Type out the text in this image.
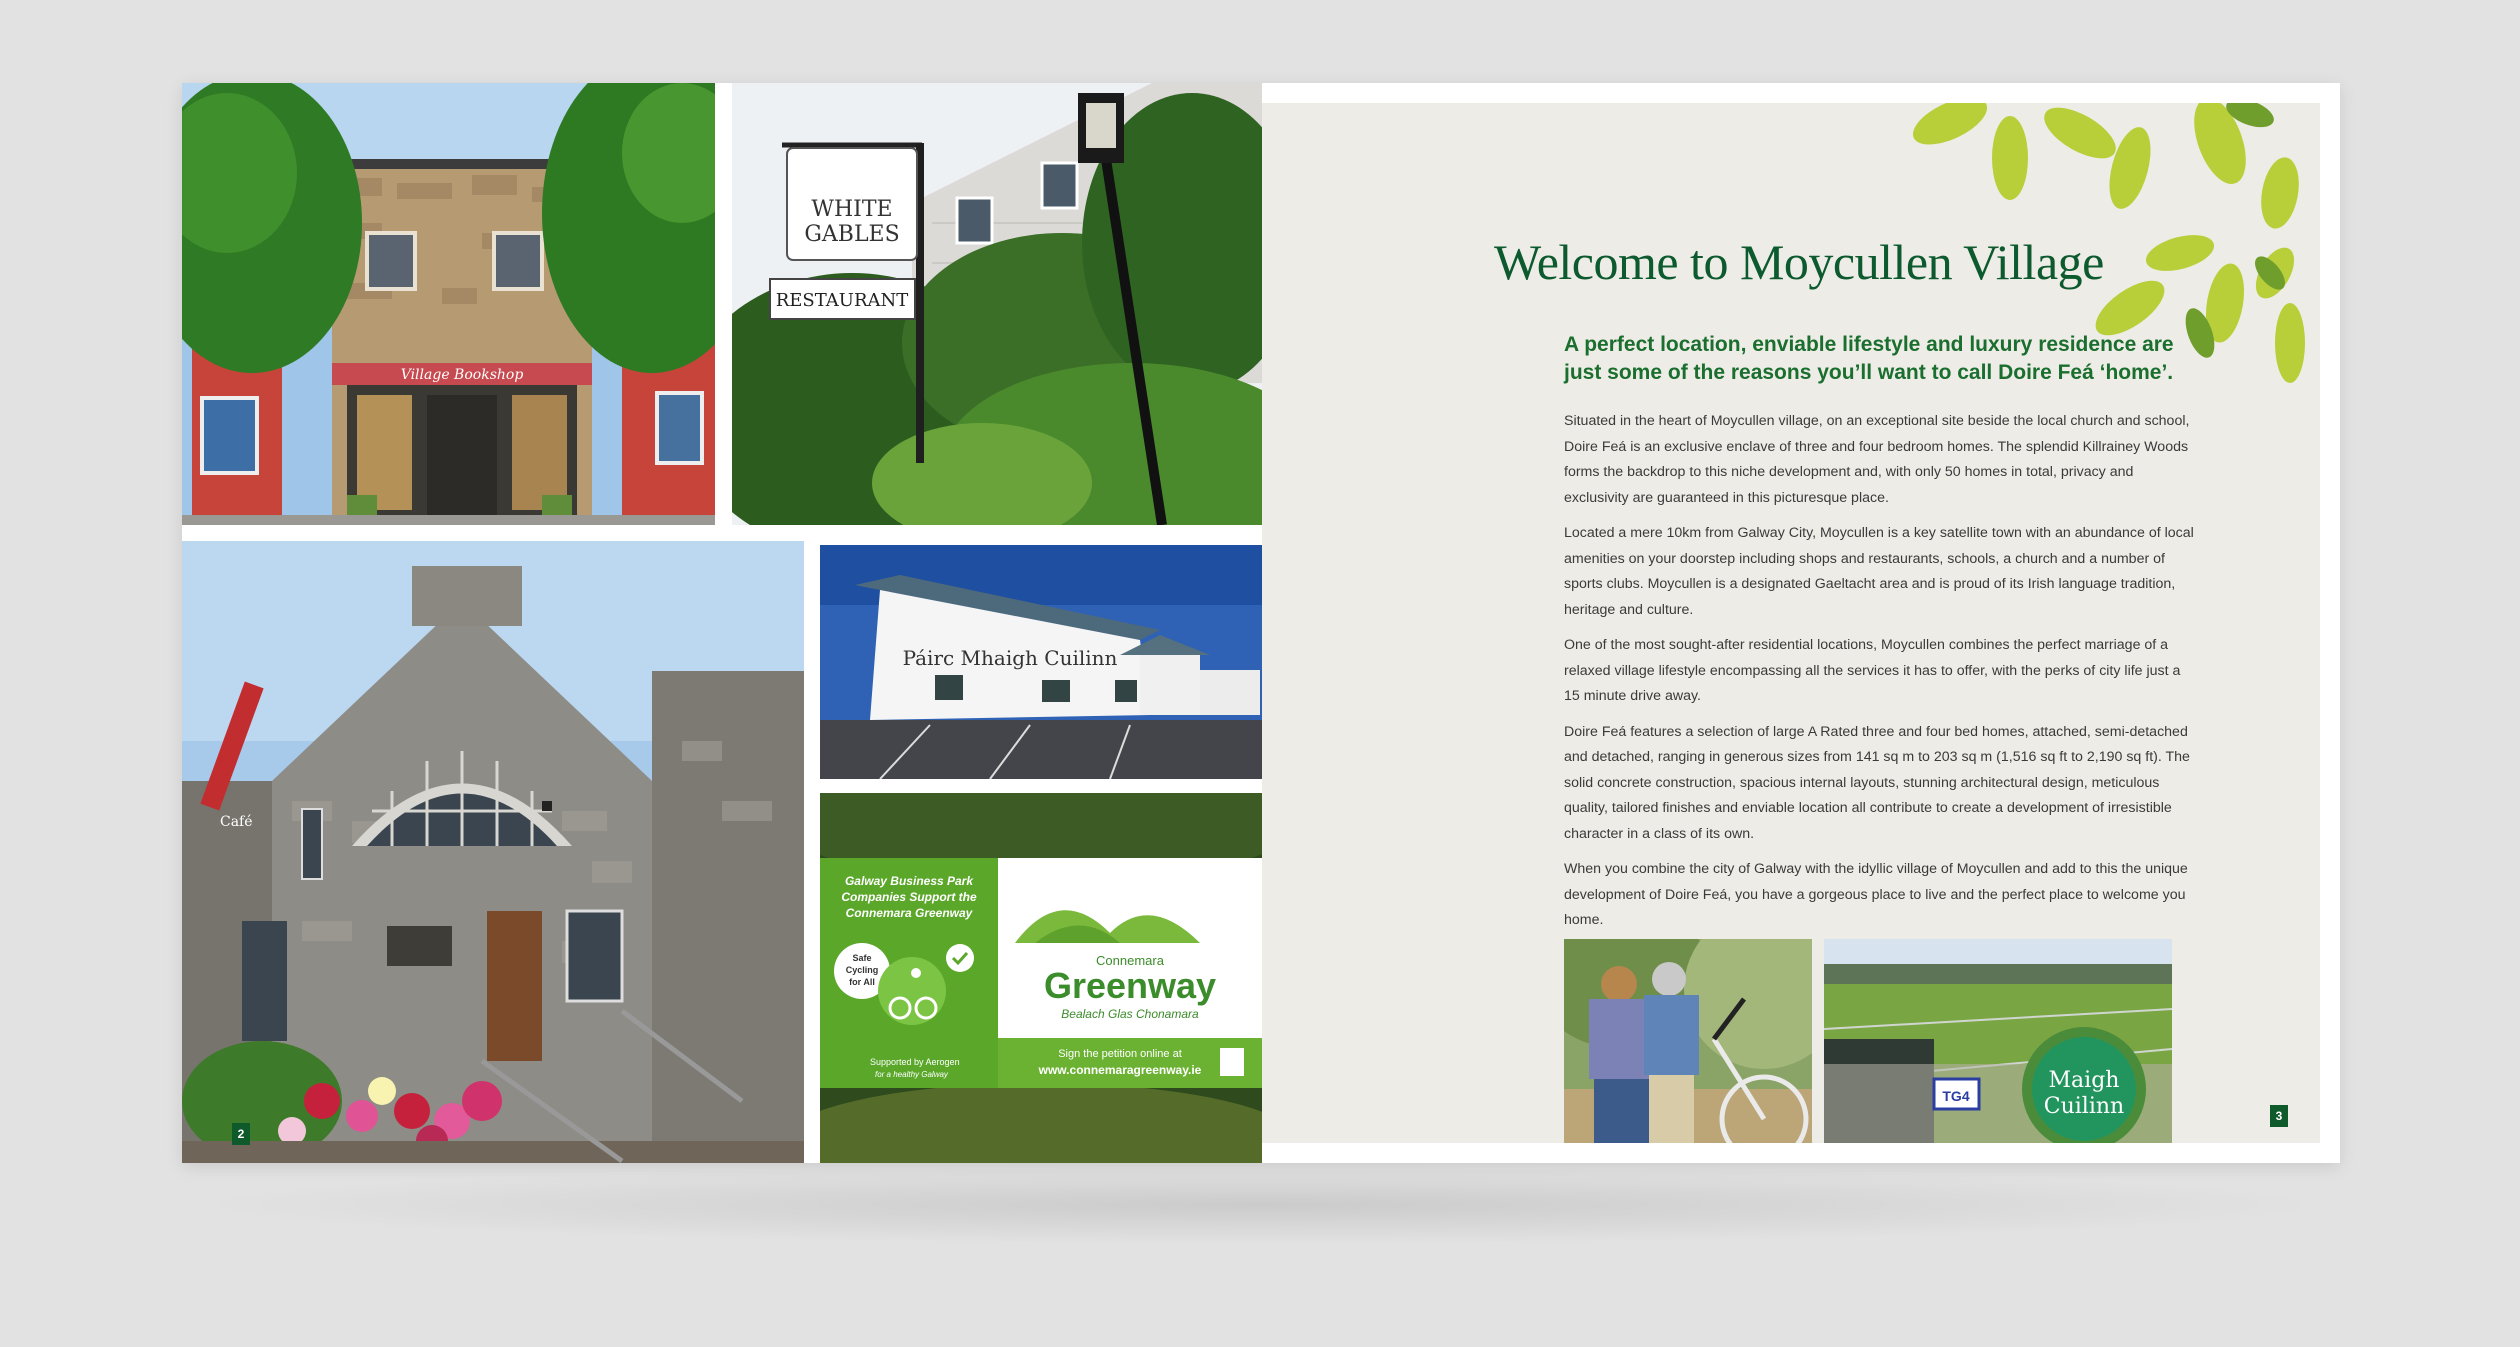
Village Bookshop
WHITE
GABLES
RESTAURANT
Café
2
Páirc Mhaigh Cuilinn
Galway Business Park
Companies Support the
Connemara Greenway
Safe
Cycling
for All
Supported by Aerogen
for a healthy Galway
Connemara
Greenway
Bealach Glas Chonamara
Sign the petition online at
www.connemaragreenway.ie
Welcome to Moycullen Village
A perfect location, enviable lifestyle and luxury residence are just some of the reasons you’ll want to call Doire Feá ‘home’.

Situated in the heart of Moycullen village, on an exceptional site beside the local church and school, Doire Feá is an exclusive enclave of three and four bedroom homes. The splendid Killrainey Woods forms the backdrop to this niche development and, with only 50 homes in total, privacy and exclusivity are guaranteed in this picturesque place.

Located a mere 10km from Galway City, Moycullen is a key satellite town with an abundance of local amenities on your doorstep including shops and restaurants, schools, a church and a number of sports clubs. Moycullen is a designated Gaeltacht area and is proud of its Irish language tradition, heritage and culture.

One of the most sought-after residential locations, Moycullen combines the perfect marriage of a relaxed village lifestyle encompassing all the services it has to offer, with the perks of city life just a 15 minute drive away.

Doire Feá features a selection of large A Rated three and four bed homes, attached, semi-detached and detached, ranging in generous sizes from 141 sq m to 203 sq m (1,516 sq ft to 2,190 sq ft). The solid concrete construction, spacious internal layouts, stunning architectural design, meticulous quality, tailored finishes and enviable location all contribute to create a development of irresistible character in a class of its own.

When you combine the city of Galway with the idyllic village of Moycullen and add to this the unique development of Doire Feá, you have a gorgeous place to live and the perfect place to welcome you home.

TG4
Maigh
Cuilinn	3
